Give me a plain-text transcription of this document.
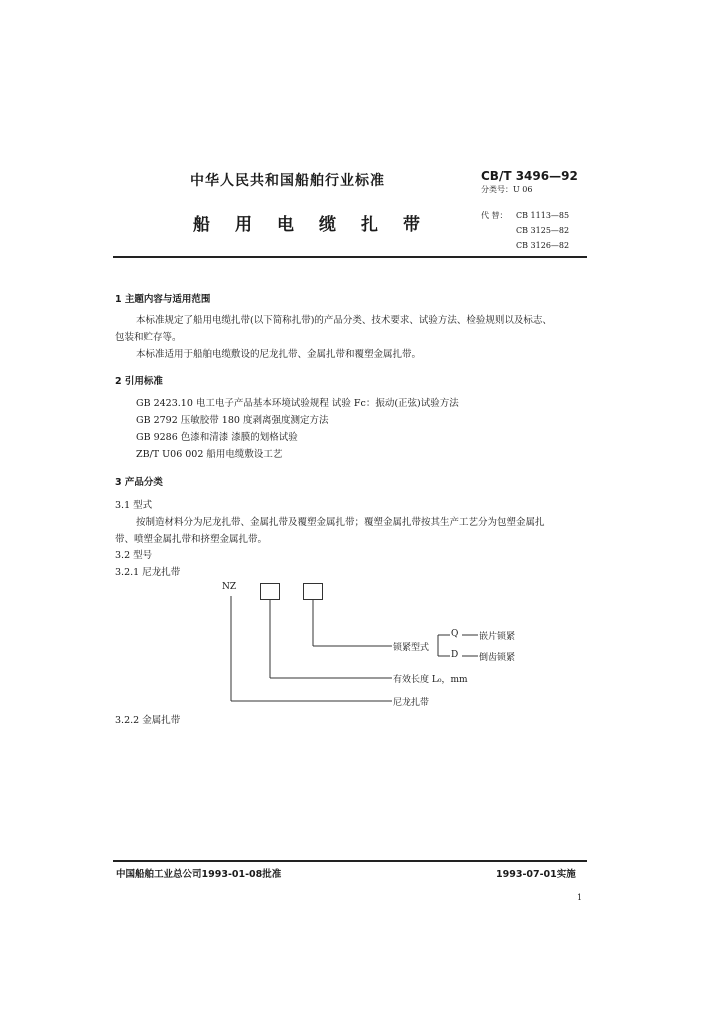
中华人民共和国船舶行业标准	CB/T 3496—92
分类号：U 06
船用电缆扎带	代 替： CB 1113—85
CB 3125—82
CB 3126—82
1 主题内容与适用范围
本标准规定了船用电缆扎带(以下简称扎带)的产品分类、技术要求、试验方法、检验规则以及标志、
包装和贮存等。
本标准适用于船舶电缆敷设的尼龙扎带、金属扎带和覆塑金属扎带。
2 引用标准
GB 2423.10 电工电子产品基本环境试验规程 试验 Fc：振动(正弦)试验方法
GB 2792 压敏胶带 180 度剥离强度测定方法
GB 9286 色漆和清漆 漆膜的划格试验
ZB/T U06 002 船用电缆敷设工艺
3 产品分类
3.1 型式
按制造材料分为尼龙扎带、金属扎带及覆塑金属扎带；覆塑金属扎带按其生产工艺分为包塑金属扎
带、喷塑金属扎带和挤塑金属扎带。
3.2 型号
3.2.1 尼龙扎带
NZ
锁紧型式
Q 嵌片锁紧
D 倒齿锁紧
有效长度 L₀，mm
尼龙扎带
3.2.2 金属扎带
中国船舶工业总公司1993-01-08批准	1993-07-01实施
1
